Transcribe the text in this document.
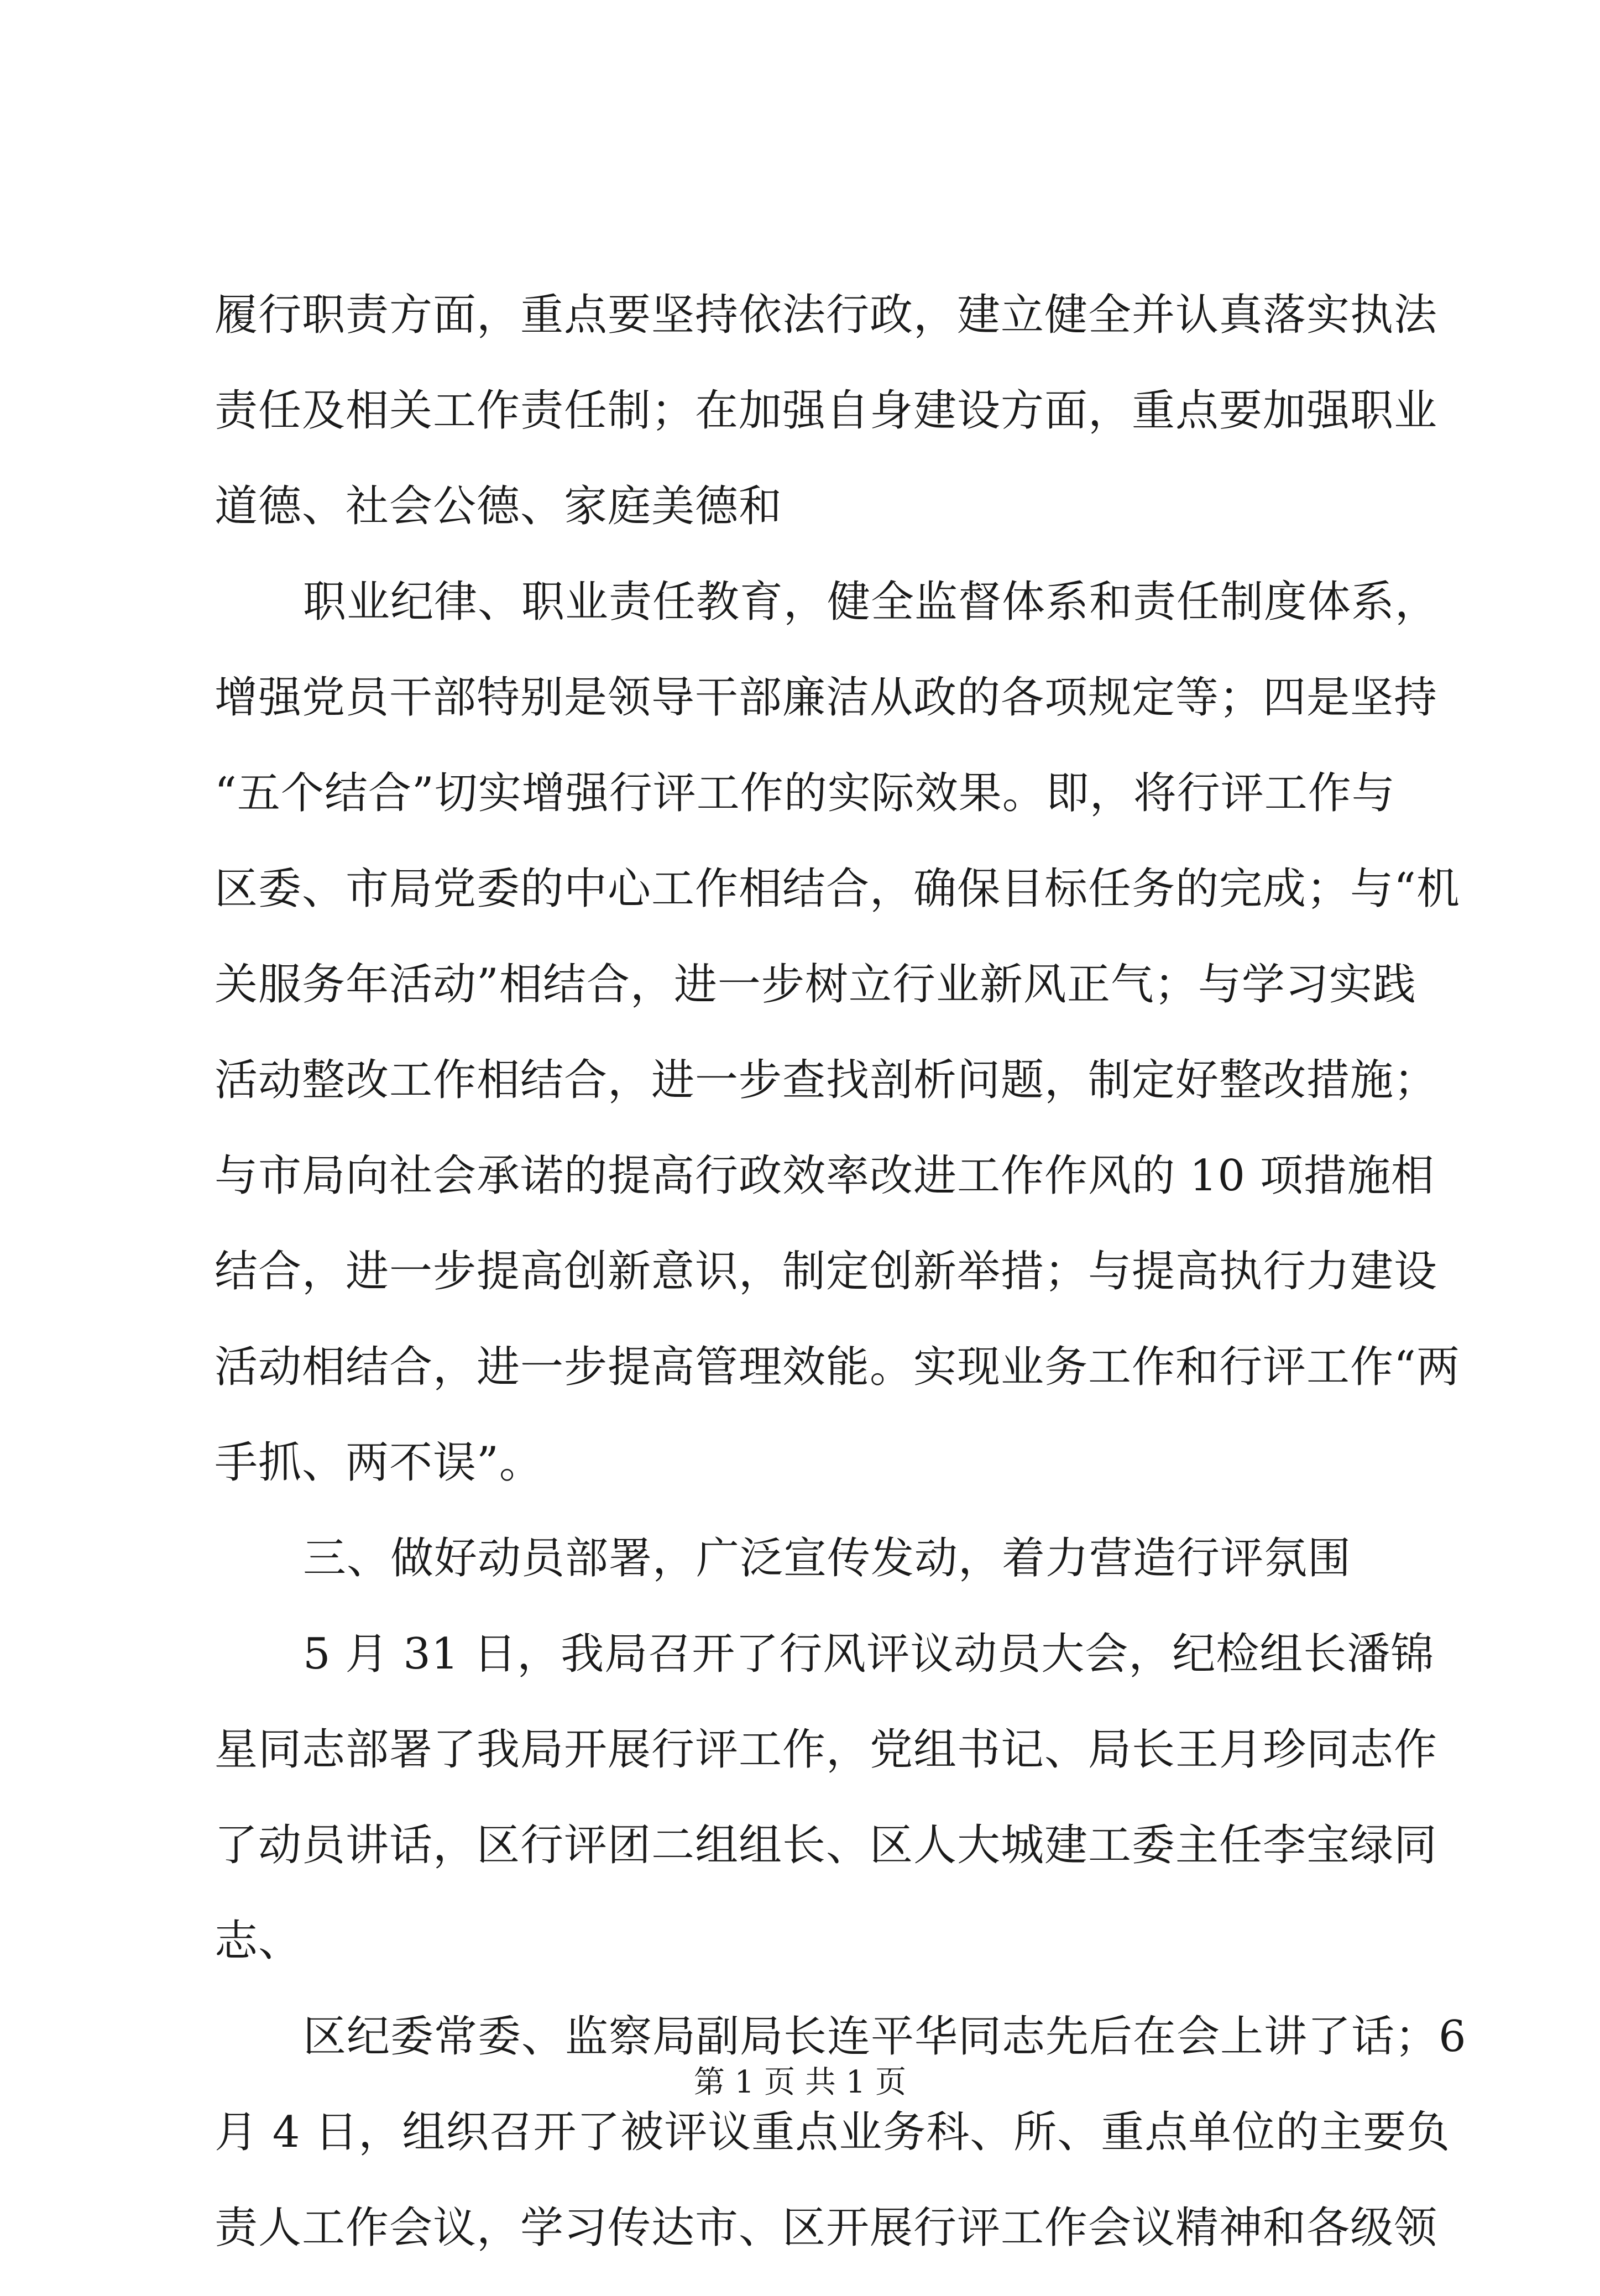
履行职责方面，重点要坚持依法行政，建立健全并认真落实执法

责任及相关工作责任制；在加强自身建设方面，重点要加强职业

道德、社会公德、家庭美德和

职业纪律、职业责任教育，健全监督体系和责任制度体系，

增强党员干部特别是领导干部廉洁从政的各项规定等；四是坚持

“五个结合”切实增强行评工作的实际效果。即，将行评工作与

区委、市局党委的中心工作相结合，确保目标任务的完成；与“机

关服务年活动”相结合，进一步树立行业新风正气；与学习实践

活动整改工作相结合，进一步查找剖析问题，制定好整改措施；

与市局向社会承诺的提高行政效率改进工作作风的 10 项措施相

结合，进一步提高创新意识，制定创新举措；与提高执行力建设

活动相结合，进一步提高管理效能。实现业务工作和行评工作“两

手抓、两不误”。

三、做好动员部署，广泛宣传发动，着力营造行评氛围

5 月 31 日，我局召开了行风评议动员大会，纪检组长潘锦

星同志部署了我局开展行评工作，党组书记、局长王月珍同志作

了动员讲话，区行评团二组组长、区人大城建工委主任李宝绿同

志、

区纪委常委、监察局副局长连平华同志先后在会上讲了话；6

月 4 日，组织召开了被评议重点业务科、所、重点单位的主要负

责人工作会议，学习传达市、区开展行评工作会议精神和各级领

第 1 页 共 1 页
